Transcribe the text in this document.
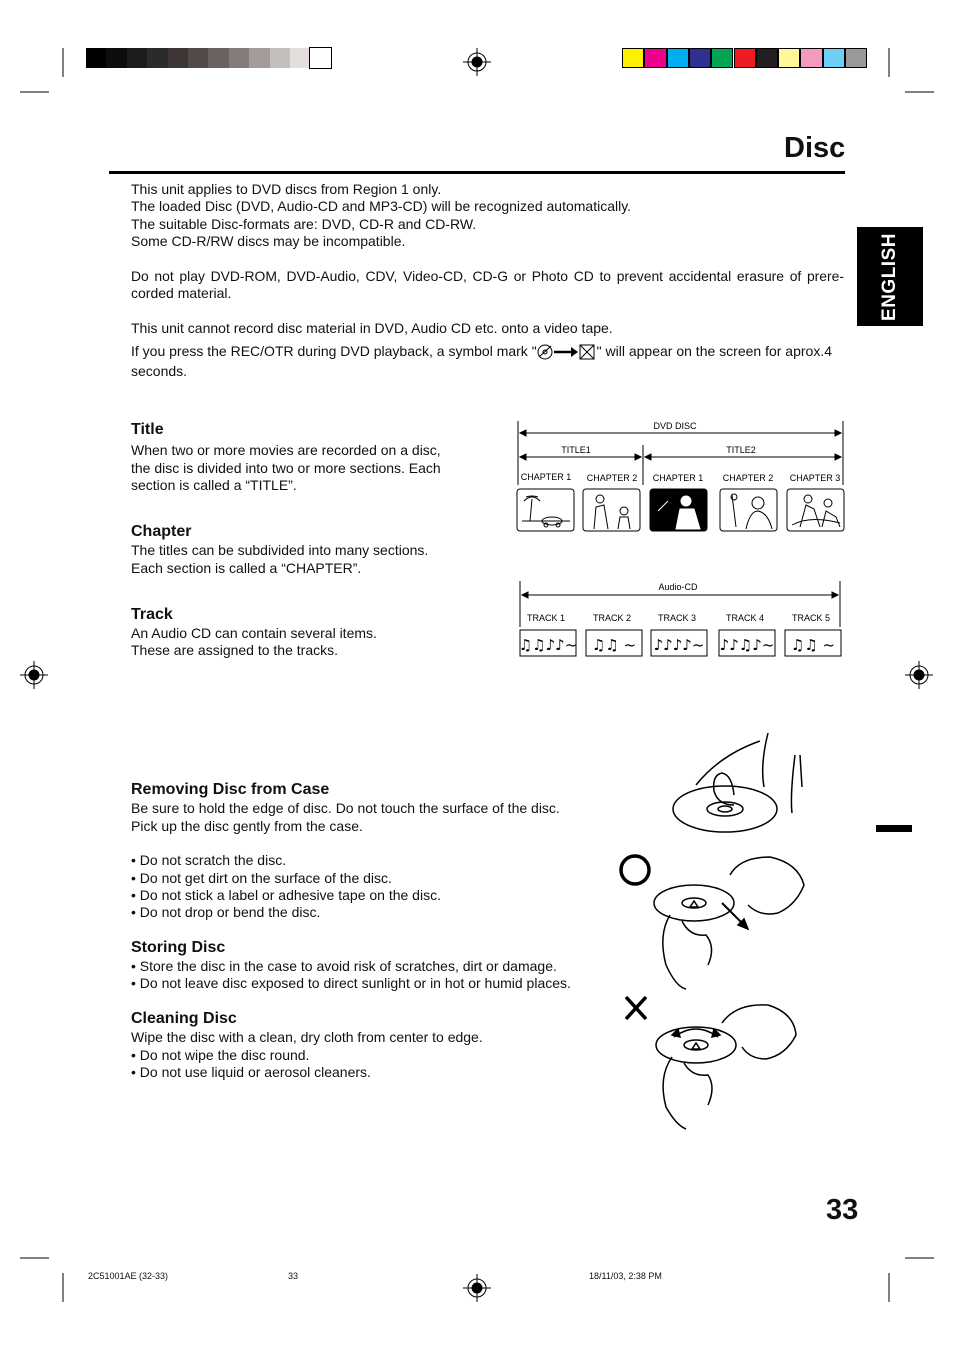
Disc
ENGLISH
This unit applies to DVD discs from Region 1 only.
The loaded Disc (DVD, Audio-CD and MP3-CD) will be recognized automatically.
The suitable Disc-formats are: DVD, CD-R and CD-RW.
Some CD-R/RW discs may be incompatible.
Do not play DVD-ROM, DVD-Audio, CDV, Video-CD, CD-G or Photo CD to prevent accidental erasure of prere-
corded material.
This unit cannot record disc material in DVD, Audio CD etc. onto a video tape.
If you press the REC/OTR during DVD playback, a symbol mark "	" will appear on the screen for aprox.4
seconds.
Title
When two or more movies are recorded on a disc,
the disc is divided into two or more sections. Each
section is called a “TITLE”.
Chapter
The titles can be subdivided into many sections.
Each section is called a “CHAPTER”.
Track
An Audio CD can contain several items.
These are assigned to the tracks.
DVD DISC
TITLE1	TITLE2
CHAPTER 1 CHAPTER 2 CHAPTER 1 CHAPTER 2 CHAPTER 3
Audio-CD
TRACK 1	TRACK 2	TRACK 3	TRACK 4	TRACK 5
♫♫♪♪~ ♫♫ ~ ♪♪♪♪~ ♪♪♫♪~ ♫♫ ~
Removing Disc from Case
Be sure to hold the edge of disc. Do not touch the surface of the disc.
Pick up the disc gently from the case.
• Do not scratch the disc.
• Do not get dirt on the surface of the disc.
• Do not stick a label or adhesive tape on the disc.
• Do not drop or bend the disc.
Storing Disc
• Store the disc in the case to avoid risk of scratches, dirt or damage.
• Do not leave disc exposed to direct sunlight or in hot or humid places.
Cleaning Disc
Wipe the disc with a clean, dry cloth from center to edge.
• Do not wipe the disc round.
• Do not use liquid or aerosol cleaners.
33
2C51001AE (32-33)	33	18/11/03, 2:38 PM
